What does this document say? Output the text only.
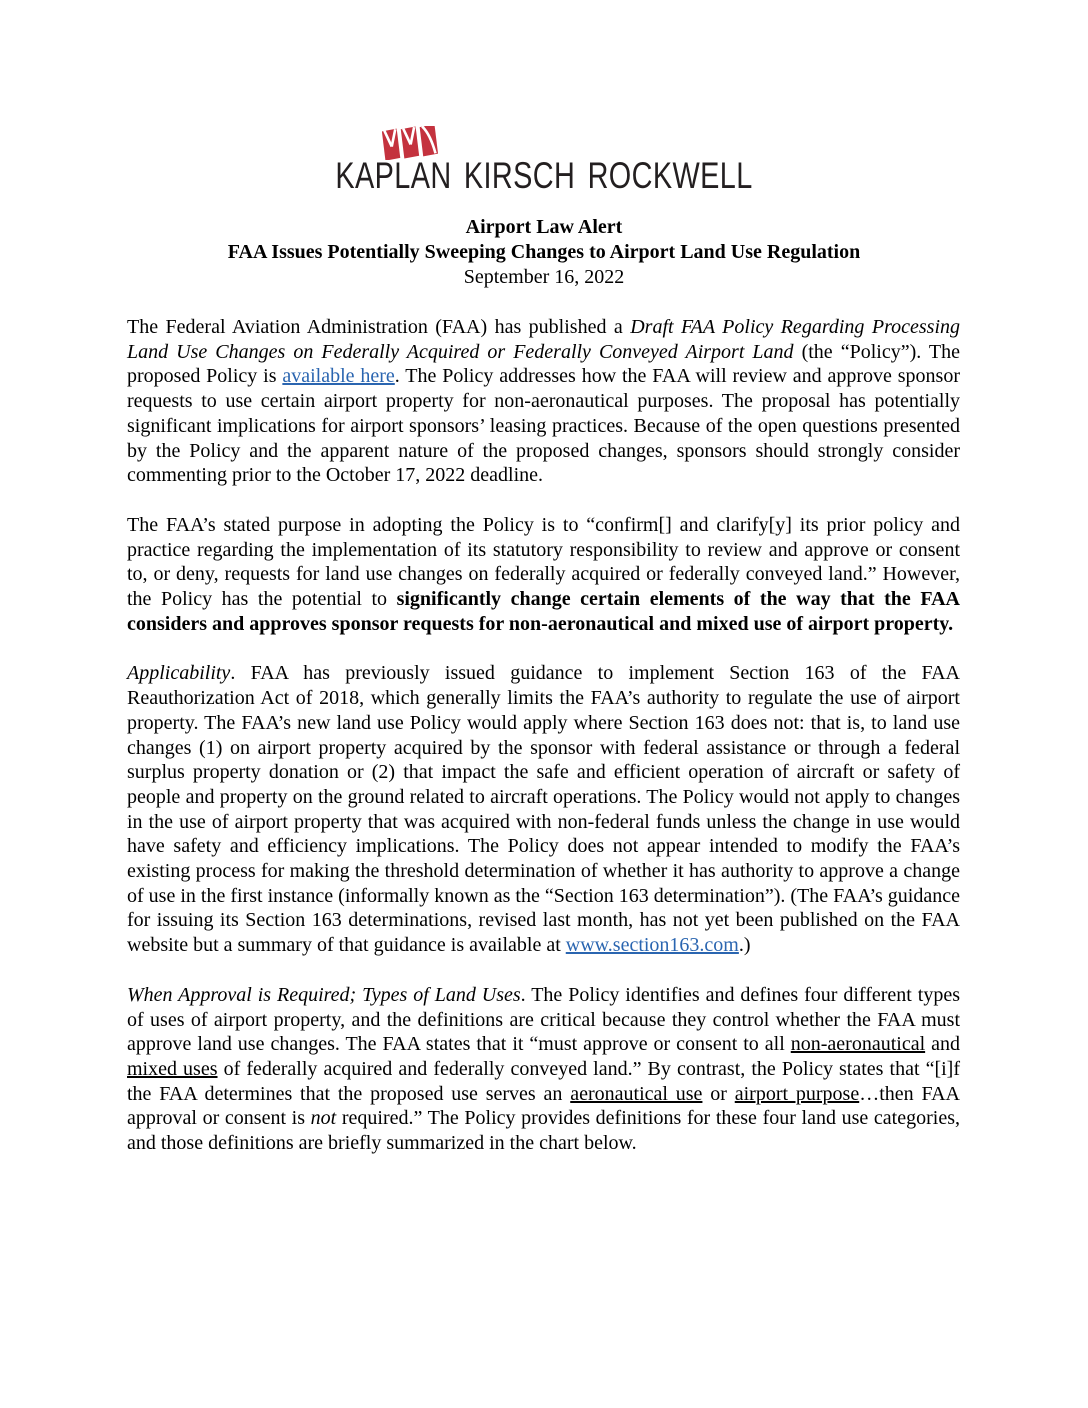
KAPLAN KIRSCH ROCKWELL
Airport Law Alert
FAA Issues Potentially Sweeping Changes to Airport Land Use Regulation
September 16, 2022

The Federal Aviation Administration (FAA) has published a Draft FAA Policy Regarding Processing Land Use Changes on Federally Acquired or Federally Conveyed Airport Land (the “Policy”). The proposed Policy is available here. The Policy addresses how the FAA will review and approve sponsor requests to use certain airport property for non-aeronautical purposes. The proposal has potentially significant implications for airport sponsors’ leasing practices. Because of the open questions presented by the Policy and the apparent nature of the proposed changes, sponsors should strongly consider commenting prior to the October 17, 2022 deadline.

The FAA’s stated purpose in adopting the Policy is to “confirm[] and clarify[y] its prior policy and practice regarding the implementation of its statutory responsibility to review and approve or consent to, or deny, requests for land use changes on federally acquired or federally conveyed land.” However, the Policy has the potential to significantly change certain elements of the way that the FAA considers and approves sponsor requests for non-aeronautical and mixed use of airport property.

Applicability. FAA has previously issued guidance to implement Section 163 of the FAA Reauthorization Act of 2018, which generally limits the FAA’s authority to regulate the use of airport property. The FAA’s new land use Policy would apply where Section 163 does not: that is, to land use changes (1) on airport property acquired by the sponsor with federal assistance or through a federal surplus property donation or (2) that impact the safe and efficient operation of aircraft or safety of people and property on the ground related to aircraft operations. The Policy would not apply to changes in the use of airport property that was acquired with non-federal funds unless the change in use would have safety and efficiency implications. The Policy does not appear intended to modify the FAA’s existing process for making the threshold determination of whether it has authority to approve a change of use in the first instance (informally known as the “Section 163 determination”). (The FAA’s guidance for issuing its Section 163 determinations, revised last month, has not yet been published on the FAA website but a summary of that guidance is available at www.section163.com.)

When Approval is Required; Types of Land Uses. The Policy identifies and defines four different types of uses of airport property, and the definitions are critical because they control whether the FAA must approve land use changes. The FAA states that it “must approve or consent to all non-aeronautical and mixed uses of federally acquired and federally conveyed land.” By contrast, the Policy states that “[i]f the FAA determines that the proposed use serves an aeronautical use or airport purpose…then FAA approval or consent is not required.” The Policy provides definitions for these four land use categories, and those definitions are briefly summarized in the chart below.
